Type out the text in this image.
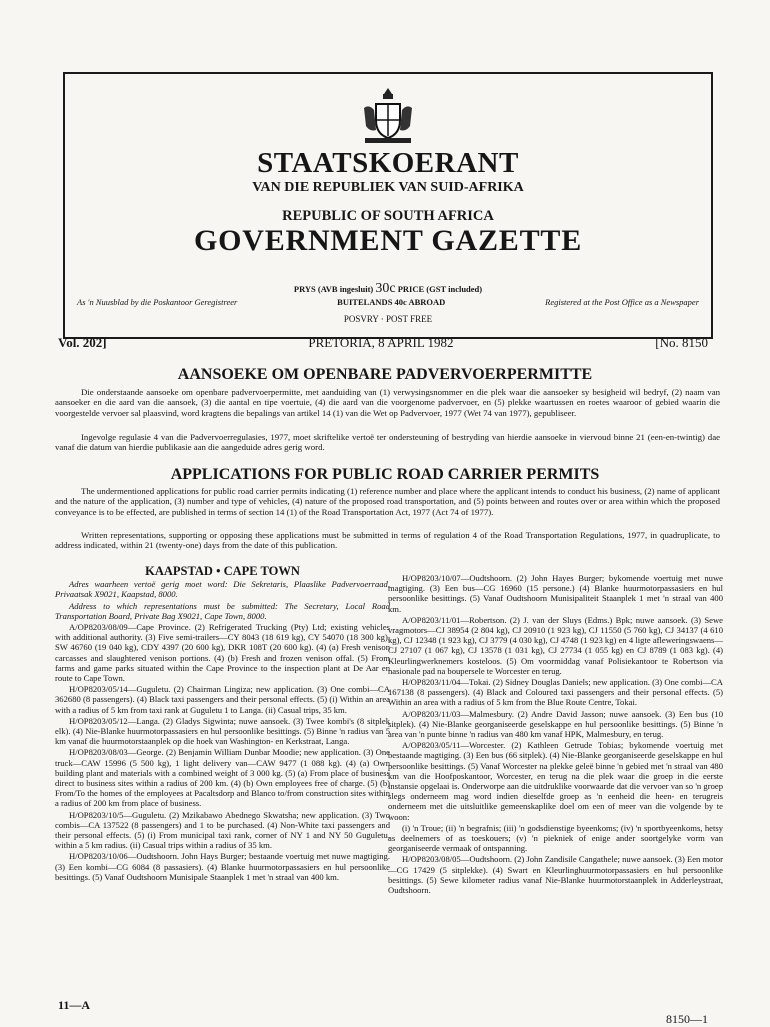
STAATSKOERANT
VAN DIE REPUBLIEK VAN SUID-AFRIKA
REPUBLIC OF SOUTH AFRICA
GOVERNMENT GAZETTE
PRYS (AVB ingesluit) 30c PRICE (GST included)
As 'n Nuusblad by die Poskantoor Geregistreer	BUITELANDS 40c ABROAD	Registered at the Post Office as a Newspaper
POSVRY · POST FREE
Vol. 202]	PRETORIA, 8 APRIL 1982	[No. 8150
AANSOEKE OM OPENBARE PADVERVOERPERMITTE
Die onderstaande aansoeke om openbare padvervoerpermitte, met aanduiding van (1) verwysingsnommer en die plek waar die aansoeker sy besigheid wil bedryf, (2) naam van aansoeker en die aard van die aansoek, (3) die aantal en tipe voertuie, (4) die aard van die voorgenome padvervoer, en (5) plekke waartussen en roetes waaroor of gebied waarin die voorgestelde vervoer sal plaasvind, word kragtens die bepalings van artikel 14 (1) van die Wet op Padvervoer, 1977 (Wet 74 van 1977), gepubliseer.
Ingevolge regulasie 4 van die Padvervoerregulasies, 1977, moet skriftelike vertoë ter ondersteuning of bestryding van hierdie aansoeke in viervoud binne 21 (een-en-twintig) dae vanaf die datum van hierdie publikasie aan die aangeduide adres gerig word.
APPLICATIONS FOR PUBLIC ROAD CARRIER PERMITS
The undermentioned applications for public road carrier permits indicating (1) reference number and place where the applicant intends to conduct his business, (2) name of applicant and the nature of the application, (3) number and type of vehicles, (4) nature of the proposed road transportation, and (5) points between and routes over or area within which the proposed conveyance is to be effected, are published in terms of section 14 (1) of the Road Transportation Act, 1977 (Act 74 of 1977).
Written representations, supporting or opposing these applications must be submitted in terms of regulation 4 of the Road Transportation Regulations, 1977, in quadruplicate, to address indicated, within 21 (twenty-one) days from the date of this publication.
KAAPSTAD • CAPE TOWN

Adres waarheen vertoë gerig moet word: Die Sekretaris, Plaaslike Padvervoerraad, Privaatsak X9021, Kaapstad, 8000.

Address to which representations must be submitted: The Secretary, Local Road Transportation Board, Private Bag X9021, Cape Town, 8000.

A/OP8203/08/09—Cape Province. (2) Refrigerated Trucking (Pty) Ltd; existing vehicles with additional authority. (3) Five semi-trailers—CY 8043 (18 619 kg), CY 54070 (18 300 kg), SW 46760 (19 040 kg), CDY 4397 (20 600 kg), DKR 108T (20 600 kg). (4) (a) Fresh venison carcasses and slaughtered venison portions. (4) (b) Fresh and frozen venison offal. (5) From farms and game parks situated within the Cape Province to the inspection plant at De Aar en route to Cape Town.

H/OP8203/05/14—Guguletu. (2) Chairman Lingiza; new application. (3) One combi—CA 362680 (8 passengers). (4) Black taxi passengers and their personal effects. (5) (i) Within an area with a radius of 5 km from taxi rank at Guguletu 1 to Langa. (ii) Casual trips, 35 km.

H/OP8203/05/12—Langa. (2) Gladys Sigwinta; nuwe aansoek. (3) Twee kombi's (8 sitplek elk). (4) Nie-Blanke huurmotorpassasiers en hul persoonlike besittings. (5) Binne 'n radius van 5 km vanaf die huurmotorstaanplek op die hoek van Washington- en Kerkstraat, Langa.

H/OP8203/08/03—George. (2) Benjamin William Dunbar Moodie; new application. (3) One truck—CAW 15996 (5 500 kg), 1 light delivery van—CAW 9477 (1 088 kg). (4) (a) Own building plant and materials with a combined weight of 3 000 kg. (5) (a) From place of business direct to business sites within a radius of 200 km. (4) (b) Own employees free of charge. (5) (b) From/To the homes of the employees at Pacaltsdorp and Blanco to/from construction sites within a radius of 200 km from place of business.

H/OP8203/10/5—Guguletu. (2) Mzikabawo Abednego Skwatsha; new application. (3) Two combis—CA 137522 (8 passengers) and 1 to be purchased. (4) Non-White taxi passengers and their personal effects. (5) (i) From municipal taxi rank, corner of NY 1 and NY 50 Guguletu, within a 5 km radius. (ii) Casual trips within a radius of 35 km.

H/OP8203/10/06—Oudtshoorn. John Hays Burger; bestaande voertuig met nuwe magtiging. (3) Een kombi—CG 6084 (8 passasiers). (4) Blanke huurmotorpassasiers en hul persoonlike besittings. (5) Vanaf Oudtshoorn Munisipale Staanplek 1 met 'n straal van 400 km.

H/OP8203/10/07—Oudtshoorn. (2) John Hayes Burger; bykomende voertuig met nuwe magtiging. (3) Een bus—CG 16960 (15 persone.) (4) Blanke huurmotorpassasiers en hul persoonlike besittings. (5) Vanaf Oudtshoorn Munisipaliteit Staanplek 1 met 'n straal van 400 km.

A/OP8203/11/01—Robertson. (2) J. van der Sluys (Edms.) Bpk; nuwe aansoek. (3) Sewe vragmotors—CJ 38954 (2 804 kg), CJ 20910 (1 923 kg), CJ 11550 (5 760 kg), CJ 34137 (4 610 kg), CJ 12348 (1 923 kg), CJ 3779 (4 030 kg), CJ 4748 (1 923 kg) en 4 ligte afleweringswaens—CJ 27107 (1 067 kg), CJ 13578 (1 031 kg), CJ 27734 (1 055 kg) en CJ 8789 (1 083 kg). (4) Kleurlingwerknemers kosteloos. (5) Om voormiddag vanaf Polisiekantoor te Robertson via nasionale pad na boupersele te Worcester en terug.

H/OP8203/11/04—Tokai. (2) Sidney Douglas Daniels; new application. (3) One combi—CA 167138 (8 passengers). (4) Black and Coloured taxi passengers and their personal effects. (5) Within an area with a radius of 5 km from the Blue Route Centre, Tokai.

A/OP8203/11/03—Malmesbury. (2) Andre David Jasson; nuwe aansoek. (3) Een bus (10 sitplek). (4) Nie-Blanke georganiseerde geselskappe en hul persoonlike besittings. (5) Binne 'n area van 'n punte binne 'n radius van 480 km vanaf HPK, Malmesbury, en terug.

A/OP8203/05/11—Worcester. (2) Kathleen Getrude Tobias; bykomende voertuig met bestaande magtiging. (3) Een bus (66 sitplek). (4) Nie-Blanke georganiseerde geselskappe en hul persoonlike besittings. (5) Vanaf Worcester na plekke geleë binne 'n gebied met 'n straal van 480 km van die Hoofposkantoor, Worcester, en terug na die plek waar die groep in die eerste instansie opgelaai is. Onderworpe aan die uitdruklike voorwaarde dat die vervoer van so 'n groep slegs onderneem mag word indien dieselfde groep as 'n eenheid die heen- en terugreis onderneem met die uitsluitlike gemeenskaplike doel om een of meer van die volgende by te woon:

(i) 'n Troue; (ii) 'n begrafnis; (iii) 'n godsdienstige byeenkoms; (iv) 'n sportbyeenkoms, hetsy as deelnemers of as toeskouers; (v) 'n piekniek of enige ander soortgelyke vorm van georganiseerde vermaak of ontspanning.

H/OP8203/08/05—Oudtshoorn. (2) John Zandisile Cangathele; nuwe aansoek. (3) Een motor—CG 17429 (5 sitplekke). (4) Swart en Kleurlinghuurmotorpassasiers en hul persoonlike besittings. (5) Sewe kilometer radius vanaf Nie-Blanke huurmotorstaanplek in Adderleystraat, Oudtshoorn.

11—A
8150—1
